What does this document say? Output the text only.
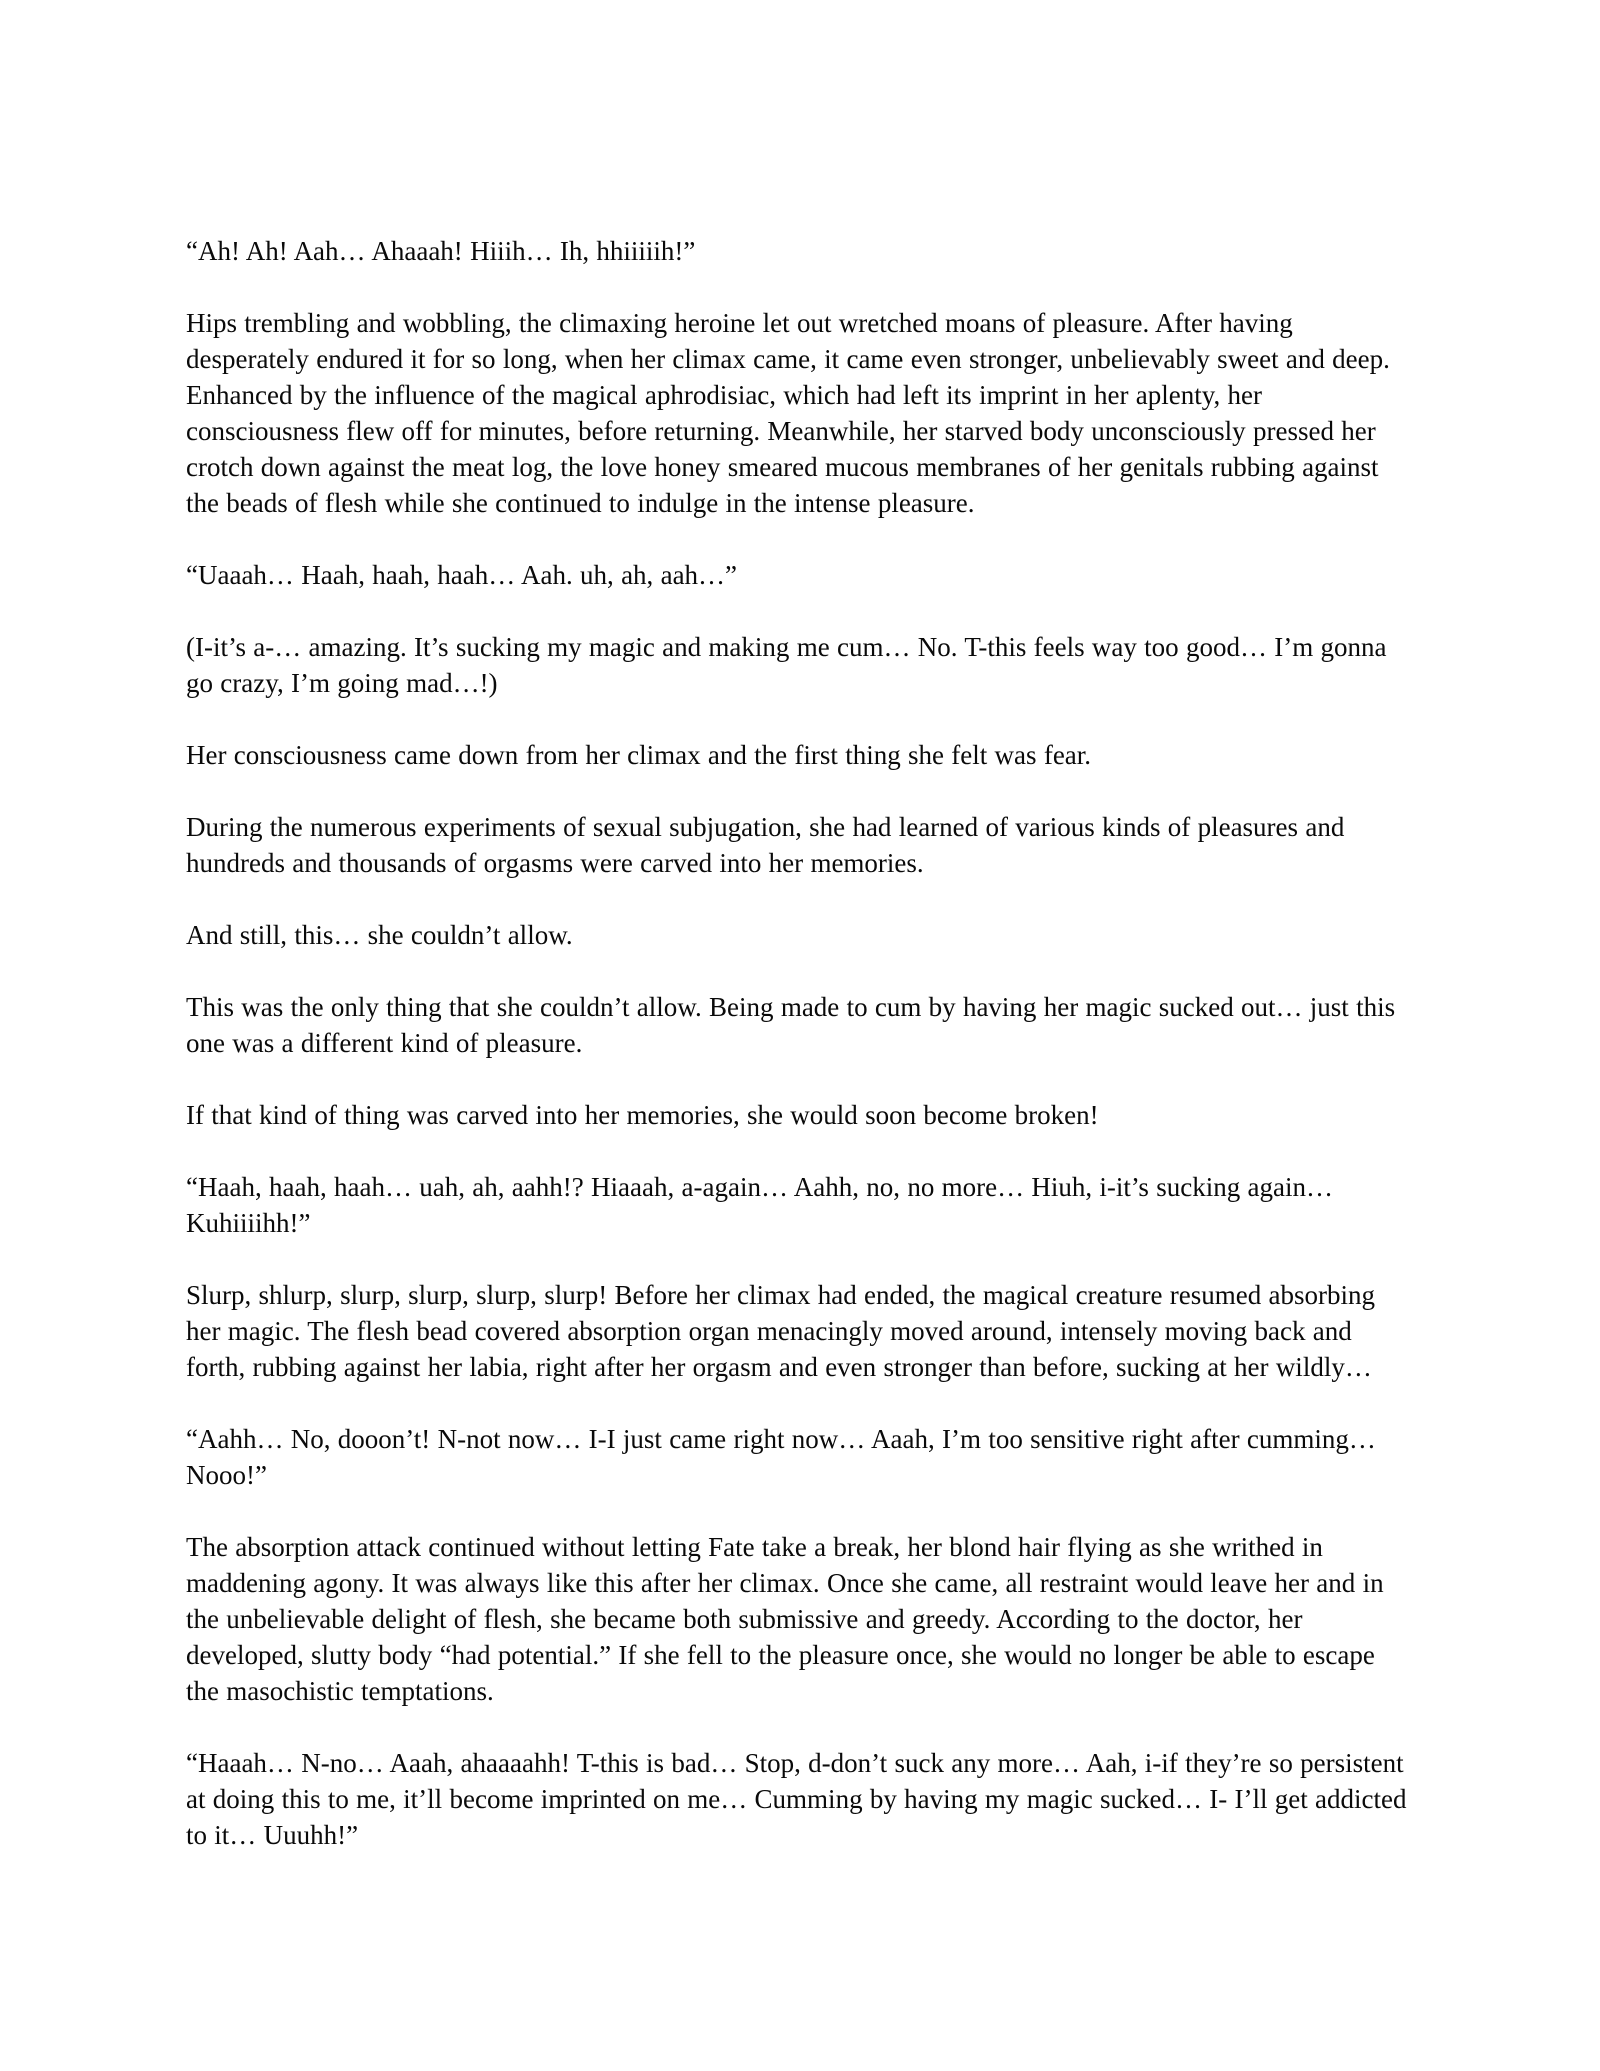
“Ah! Ah! Aah… Ahaaah! Hiiih… Ih, hhiiiiih!”

Hips trembling and wobbling, the climaxing heroine let out wretched moans of pleasure. After having desperately endured it for so long, when her climax came, it came even stronger, unbelievably sweet and deep. Enhanced by the influence of the magical aphrodisiac, which had left its imprint in her aplenty, her consciousness flew off for minutes, before returning. Meanwhile, her starved body unconsciously pressed her crotch down against the meat log, the love honey smeared mucous membranes of her genitals rubbing against the beads of flesh while she continued to indulge in the intense pleasure.

“Uaaah… Haah, haah, haah… Aah. uh, ah, aah…”

(I-it’s a-… amazing. It’s sucking my magic and making me cum… No. T-this feels way too good… I’m gonna go crazy, I’m going mad…!)

Her consciousness came down from her climax and the first thing she felt was fear.

During the numerous experiments of sexual subjugation, she had learned of various kinds of pleasures and hundreds and thousands of orgasms were carved into her memories.

And still, this… she couldn’t allow.

This was the only thing that she couldn’t allow. Being made to cum by having her magic sucked out… just this one was a different kind of pleasure.

If that kind of thing was carved into her memories, she would soon become broken!

“Haah, haah, haah… uah, ah, aahh!? Hiaaah, a-again… Aahh, no, no more… Hiuh, i-it’s sucking again… Kuhiiiihh!”

Slurp, shlurp, slurp, slurp, slurp, slurp! Before her climax had ended, the magical creature resumed absorbing her magic. The flesh bead covered absorption organ menacingly moved around, intensely moving back and forth, rubbing against her labia, right after her orgasm and even stronger than before, sucking at her wildly…

“Aahh… No, dooon’t! N-not now… I-I just came right now… Aaah, I’m too sensitive right after cumming… Nooo!”

The absorption attack continued without letting Fate take a break, her blond hair flying as she writhed in maddening agony. It was always like this after her climax. Once she came, all restraint would leave her and in the unbelievable delight of flesh, she became both submissive and greedy. According to the doctor, her developed, slutty body “had potential.” If she fell to the pleasure once, she would no longer be able to escape the masochistic temptations.

“Haaah… N-no… Aaah, ahaaaahh! T-this is bad… Stop, d-don’t suck any more… Aah, i-if they’re so persistent at doing this to me, it’ll become imprinted on me… Cumming by having my magic sucked… I- I’ll get addicted to it… Uuuhh!”
